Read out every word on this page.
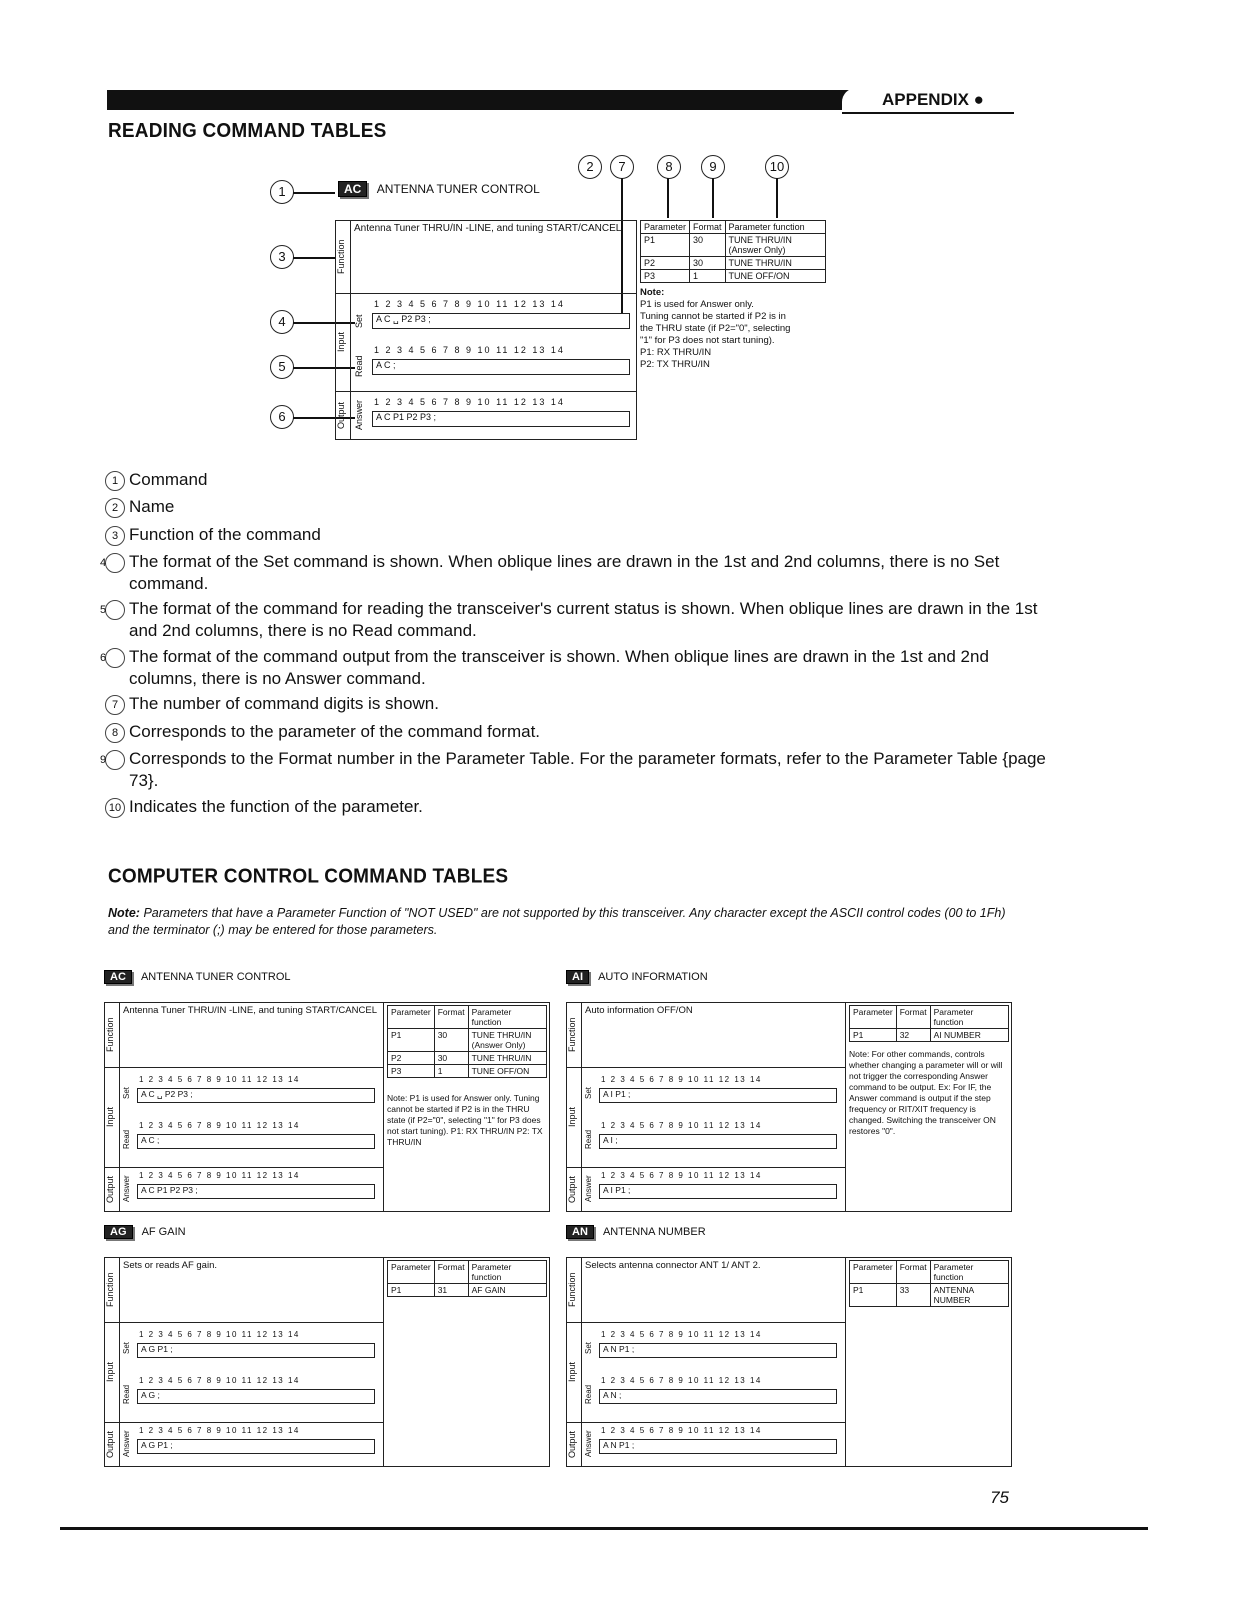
APPENDIX ●
READING COMMAND TABLES
1
2	7	8	9	10
3
4
5
6
AC ANTENNA TUNER CONTROL
Function
Antenna Tuner THRU/IN -LINE, and tuning START/CANCEL
Input
Output
Set
1 2 3 4 5 6 7 8 9 10 11 12 13 14
A C ␣ P2 P3 ;
Read
1 2 3 4 5 6 7 8 9 10 11 12 13 14
A C ;
Answer 1 2 3 4 5 6 7 8 9 10 11 12 13 14
A C P1 P2 P3 ;
Parameter	Format	Parameter function
P1	30	TUNE THRU/IN (Answer Only)
P2	30	TUNE THRU/IN
P3	1	TUNE OFF/ON
Note:
P1 is used for Answer only.
Tuning cannot be started if P2 is in
the THRU state (if P2="0", selecting
"1" for P3 does not start tuning).
P1: RX THRU/IN
P2: TX THRU/IN
1 Command
2 Name
3 Function of the command
4 The format of the Set command is shown. When oblique lines are drawn in the 1st and 2nd columns, there is no Set command.
5 The format of the command for reading the transceiver's current status is shown. When oblique lines are drawn in the 1st and 2nd columns, there is no Read command.
6 The format of the command output from the transceiver is shown. When oblique lines are drawn in the 1st and 2nd columns, there is no Answer command.
7 The number of command digits is shown.
8 Corresponds to the parameter of the command format.
9 Corresponds to the Format number in the Parameter Table. For the parameter formats, refer to the Parameter Table {page 73}.
10 Indicates the function of the parameter.
COMPUTER CONTROL COMMAND TABLES
Note: Parameters that have a Parameter Function of "NOT USED" are not supported by this transceiver. Any character except the ASCII control codes (00 to 1Fh) and the terminator (;) may be entered for those parameters.
AC ANTENNA TUNER CONTROL
Function
Antenna Tuner THRU/IN -LINE, and tuning START/CANCEL
Input
Output
Set
1 2 3 4 5 6 7 8 9 10 11 12 13 14
A C ␣ P2 P3 ;
Read
1 2 3 4 5 6 7 8 9 10 11 12 13 14
A C ;
Answer
1 2 3 4 5 6 7 8 9 10 11 12 13 14
A C P1 P2 P3 ;
Parameter	Format	Parameter function
P1	30	TUNE THRU/IN (Answer Only)
P2	30	TUNE THRU/IN
P3	1	TUNE OFF/ON
Note: P1 is used for Answer only. Tuning cannot be started if P2 is in the THRU state (if P2="0", selecting "1" for P3 does not start tuning). P1: RX THRU/IN P2: TX THRU/IN
AI AUTO INFORMATION
Function
Auto information OFF/ON
Input
Output
Set
1 2 3 4 5 6 7 8 9 10 11 12 13 14
A I P1 ;
Read
1 2 3 4 5 6 7 8 9 10 11 12 13 14
A I ;
Answer
1 2 3 4 5 6 7 8 9 10 11 12 13 14
A I P1 ;
Parameter	Format	Parameter function
P1	32	AI NUMBER
Note: For other commands, controls whether changing a parameter will or will not trigger the corresponding Answer command to be output. Ex: For IF, the Answer command is output if the step frequency or RIT/XIT frequency is changed. Switching the transceiver ON restores "0".
AG AF GAIN
Function
Sets or reads AF gain.
Input
Output
Set
1 2 3 4 5 6 7 8 9 10 11 12 13 14
A G P1 ;
Read
1 2 3 4 5 6 7 8 9 10 11 12 13 14
A G ;
Answer
1 2 3 4 5 6 7 8 9 10 11 12 13 14
A G P1 ;
Parameter	Format	Parameter function
P1	31	AF GAIN
AN ANTENNA NUMBER
Function
Selects antenna connector ANT 1/ ANT 2.
Input
Output
Set
1 2 3 4 5 6 7 8 9 10 11 12 13 14
A N P1 ;
Read
1 2 3 4 5 6 7 8 9 10 11 12 13 14
A N ;
Answer
1 2 3 4 5 6 7 8 9 10 11 12 13 14
A N P1 ;
Parameter	Format	Parameter function
P1	33	ANTENNA NUMBER
75
